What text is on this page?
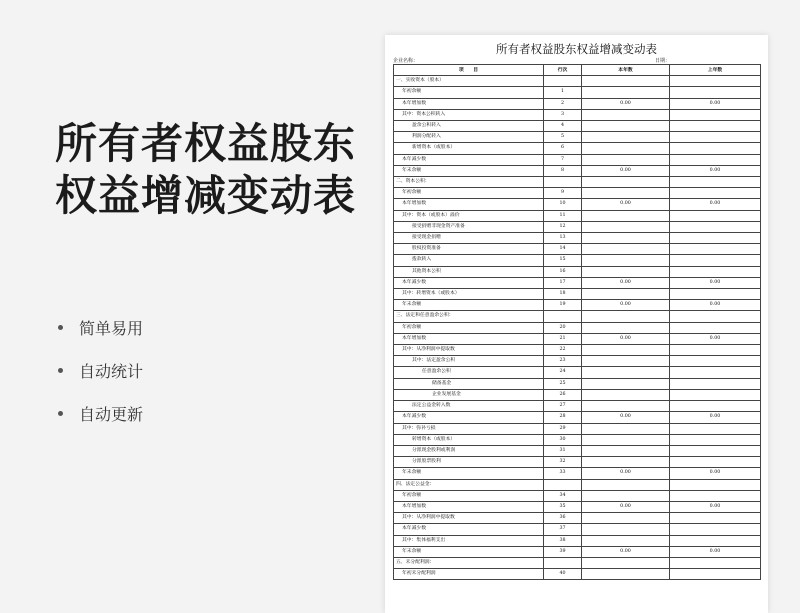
所有者权益股东
权益增减变动表
简单易用
自动统计
自动更新
所有者权益股东权益增减变动表
企业名称：	日期：
项　　目	行次	本年数	上年数
一、实收资本（股本）			
年初余额	1		
本年增加数	2	0.00	0.00
其中：资本公积转入	3		
盈余公积转入	4		
利润分配转入	5		
新增资本（或股本）	6		
本年减少数	7		
年末余额	8	0.00	0.00
二、资本公积：			
年初余额	9		
本年增加数	10	0.00	0.00
其中：资本（或股本）溢价	11		
接受捐赠非现金资产准备	12		
接受现金捐赠	13		
股权投资准备	14		
拨款转入	15		
其他资本公积	16		
本年减少数	17	0.00	0.00
其中：转增资本（或股本）	18		
年末余额	19	0.00	0.00
三、法定和任意盈余公积：			
年初余额	20		
本年增加数	21	0.00	0.00
其中：从净利润中提取数	22		
其中：法定盈余公积	23		
任意盈余公积	24		
储备基金	25		
企业发展基金	26		
法定公益金转入数	27		
本年减少数	28	0.00	0.00
其中：弥补亏损	29		
转增资本（或股本）	30		
分派现金股利或利润	31		
分派股票股利	32		
年末余额	33	0.00	0.00
四、法定公益金：			
年初余额	34		
本年增加数	35	0.00	0.00
其中：从净利润中提取数	36		
本年减少数	37		
其中：集体福利支出	38		
年末余额	39	0.00	0.00
五、未分配利润：			
年初未分配利润	40		
